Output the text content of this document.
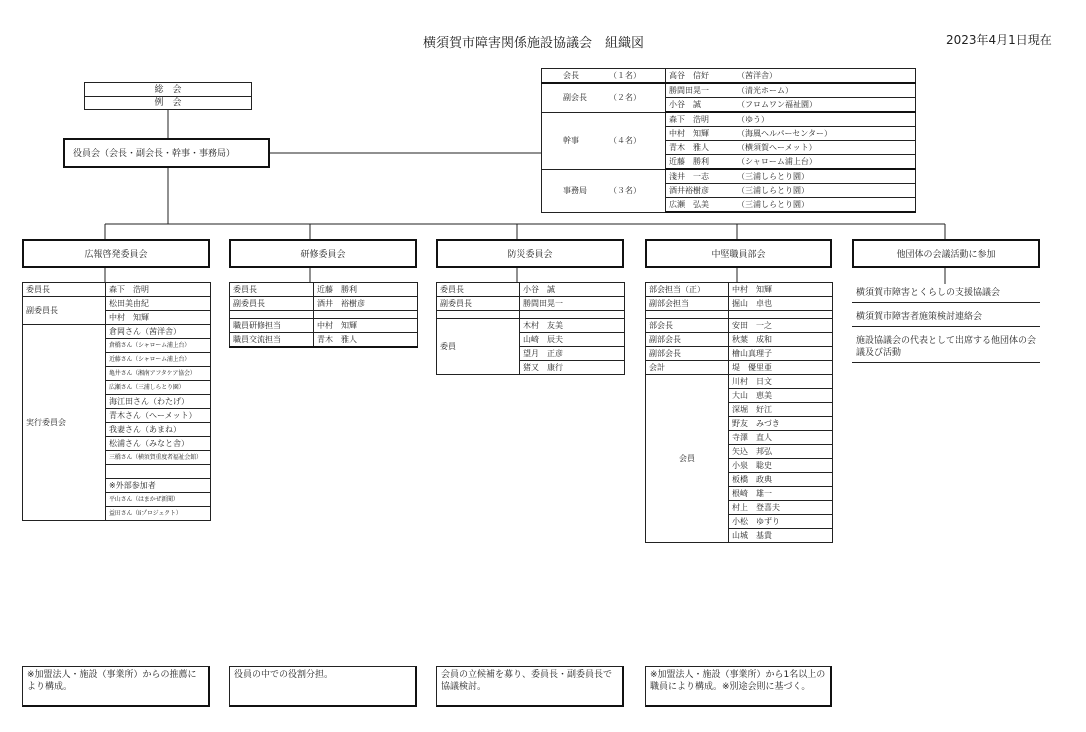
横須賀市障害関係施設協議会　組織図	2023年4月1日現在
総　会
例　会
役員会（会長・副会長・幹事・事務局）
会長 （１名）	高谷　信好 （茜洋舎）
副会長 （２名）	勝間田晃一 （清光ホーム）
	小谷　誠 （フロムワン福祉園）
幹事 （４名）	森下　浩明 （ゆう）
	中村　知輝 （海風ヘルパーセンター）
	青木　雅人 （横須賀へーメット）
	近藤　勝利 （シャローム浦上台）
事務局 （３名）	淺井　一志 （三浦しらとり園）
	酒井裕樹彦 （三浦しらとり園）
	広瀬　弘美 （三浦しらとり園）
広報啓発委員会	研修委員会	防災委員会	中堅職員部会	他団体の会議活動に参加
委員長	森下　浩明
副委員長	松田美由紀
	中村　知輝
実行委員会	倉岡さん（茜洋舎）
	倉橋さん（シャローム浦上台）
	近藤さん（シャローム浦上台）
	亀井さん（湘南アフタケア協会）
	広瀬さん（三浦しらとり園）
	海江田さん（わたげ）
	青木さん（へーメット）
	我妻さん（あまね）
	松浦さん（みなと舎）
	三橋さん（横須賀重度者福祉会館）

	※外部参加者
	平山さん（はまかぜ新聞）
	益田さん（Iiプロジェクト）
委員長	近藤　勝利
副委員長	酒井　裕樹彦

職員研修担当	中村　知輝
職員交流担当	青木　雅人
委員長	小谷　誠
副委員長	勝間田晃一

委員	木村　友美
	山崎　辰夫
	望月　正彦
	猪又　康行
部会担当（正）	中村　知輝
副部会担当	掘山　卓也

部会長	安田　一之
副部会長	秋葉　成和
副部会長	檜山真理子
会計	堤　優里亜
会員	川村　日文
	大山　恵美
	深堀　好江
	野友　みづき
	寺澤　直人
	矢込　邦弘
	小泉　聡史
	板橋　政典
	根崎　雄一
	村上　登喜夫
	小松　ゆずり
	山城　基貴
横須賀市障害とくらしの支援協議会
横須賀市障害者施策検討連絡会
施設協議会の代表として出席する他団体の会議及び活動
※加盟法人・施設（事業所）からの推薦により構成。
役員の中での役割分担。	会員の立候補を募り、委員長・副委員長で協議検討。
※加盟法人・施設（事業所）から1名以上の職員により構成。※別途会則に基づく。
